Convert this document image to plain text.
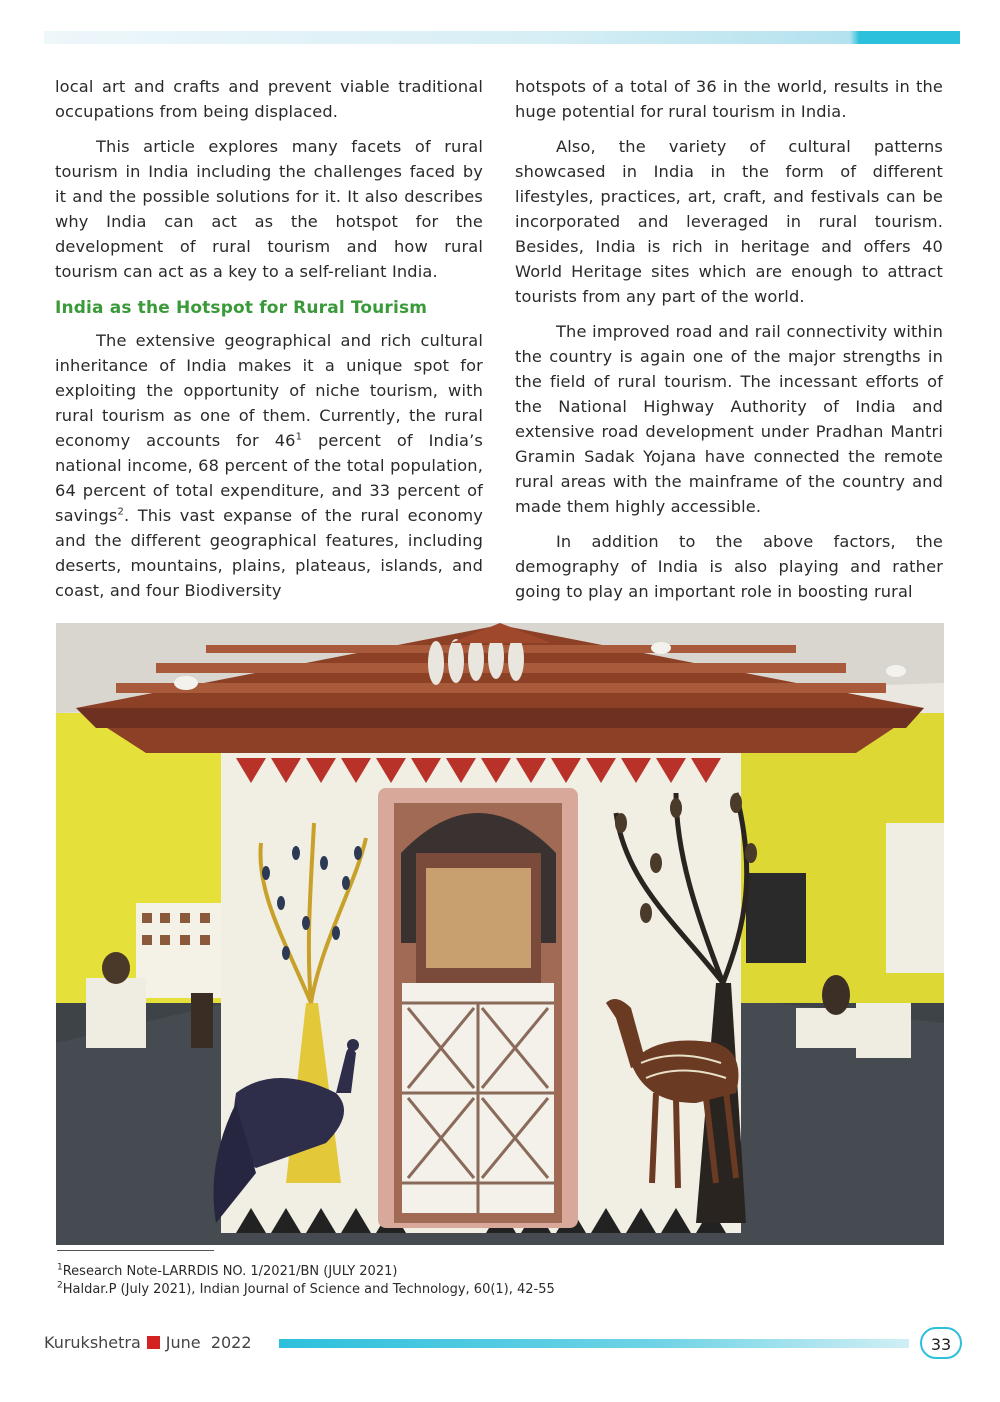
local art and crafts and prevent viable traditional occupations from being displaced.

This article explores many facets of rural tourism in India including the challenges faced by it and the possible solutions for it. It also describes why India can act as the hotspot for the development of rural tourism and how rural tourism can act as a key to a self-reliant India.

India as the Hotspot for Rural Tourism

The extensive geographical and rich cultural inheritance of India makes it a unique spot for exploiting the opportunity of niche tourism, with rural tourism as one of them. Currently, the rural economy accounts for $46^1$ percent of India’s national income, 68 percent of the total population, 64 percent of total expenditure, and 33 percent of savings$^2$. This vast expanse of the rural economy and the different geographical features, including deserts, mountains, plains, plateaus, islands, and coast, and four Biodiversity

hotspots of a total of 36 in the world, results in the huge potential for rural tourism in India.

Also, the variety of cultural patterns showcased in India in the form of different lifestyles, practices, art, craft, and festivals can be incorporated and leveraged in rural tourism. Besides, India is rich in heritage and offers 40 World Heritage sites which are enough to attract tourists from any part of the world.

The improved road and rail connectivity within the country is again one of the major strengths in the field of rural tourism. The incessant efforts of the National Highway Authority of India and extensive road development under Pradhan Mantri Gramin Sadak Yojana have connected the remote rural areas with the mainframe of the country and made them highly accessible.

In addition to the above factors, the demography of India is also playing and rather going to play an important role in boosting rural

$^1$Research Note-LARRDIS NO. 1/2021/BN (JULY 2021)
$^2$Haldar.P (July 2021), Indian Journal of Science and Technology, 60(1), 42-55
Kurukshetra June  2022	33
